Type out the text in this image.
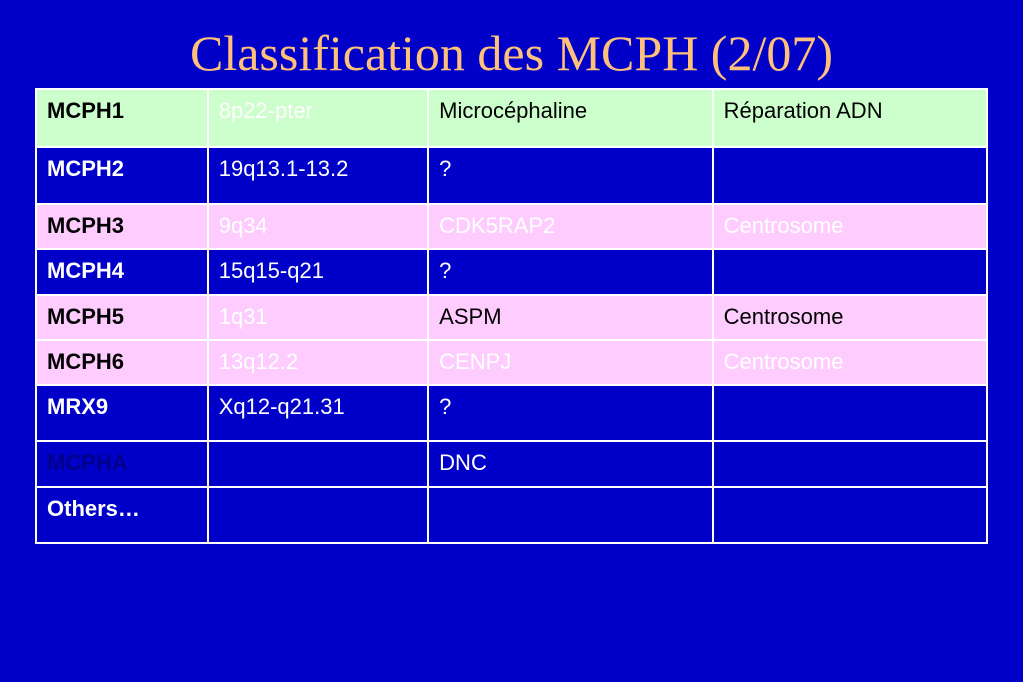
Classification des MCPH (2/07)
MCPH1	8p22-pter	Microcéphaline	Réparation ADN
MCPH2	19q13.1-13.2	?	
MCPH3	9q34	CDK5RAP2	Centrosome
MCPH4	15q15-q21	?	
MCPH5	1q31	ASPM	Centrosome
MCPH6	13q12.2	CENPJ	Centrosome
MRX9	Xq12-q21.31	?	
MCPHA		DNC	
Others…			
